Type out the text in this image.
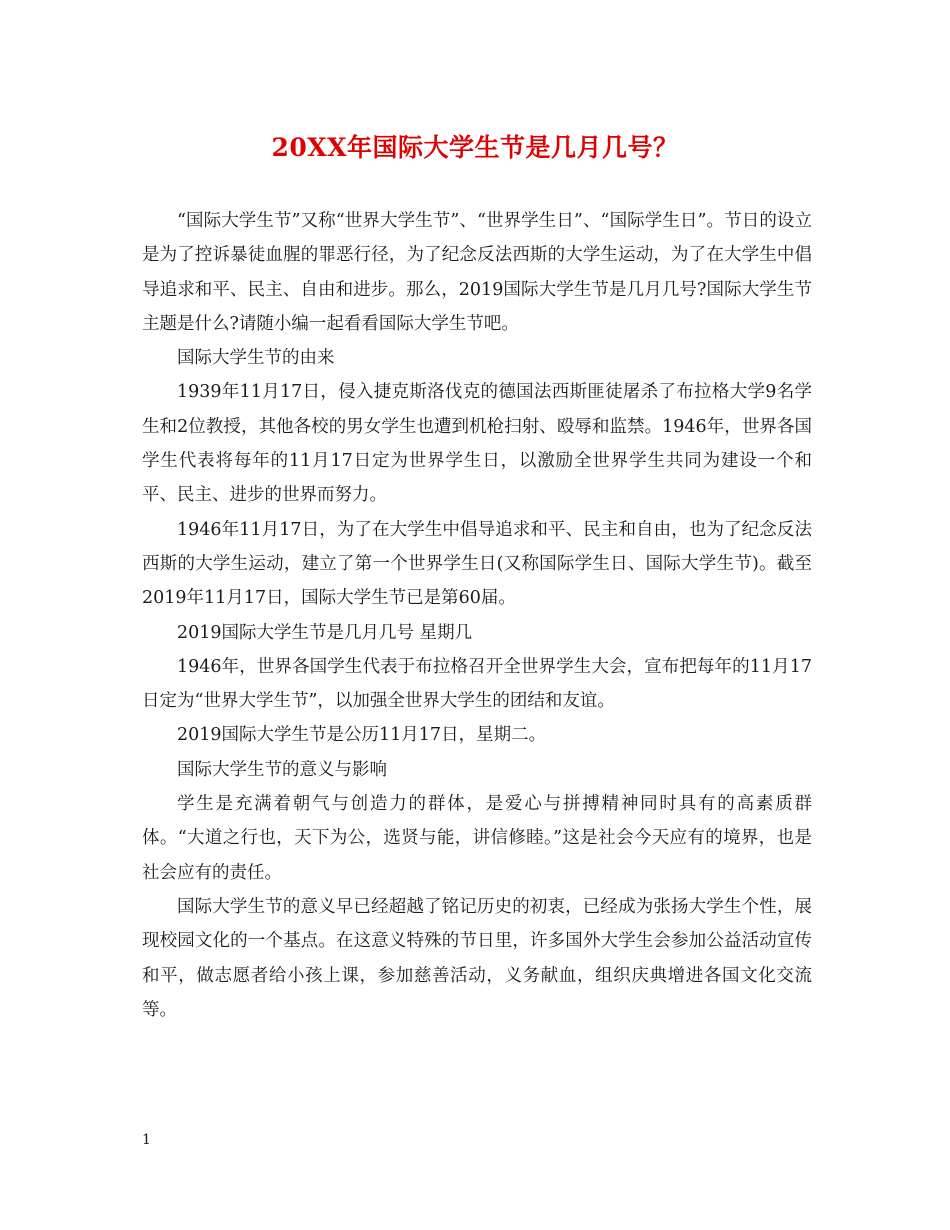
20XX年国际大学生节是几月几号？

“国际大学生节”又称“世界大学生节”、“世界学生日”、“国际学生日”。节日的设立是为了控诉暴徒血腥的罪恶行径，为了纪念反法西斯的大学生运动，为了在大学生中倡导追求和平、民主、自由和进步。那么，2019国际大学生节是几月几号?国际大学生节主题是什么?请随小编一起看看国际大学生节吧。

国际大学生节的由来

1939年11月17日，侵入捷克斯洛伐克的德国法西斯匪徒屠杀了布拉格大学9名学生和2位教授，其他各校的男女学生也遭到机枪扫射、殴辱和监禁。1946年，世界各国学生代表将每年的11月17日定为世界学生日，以激励全世界学生共同为建设一个和平、民主、进步的世界而努力。

1946年11月17日，为了在大学生中倡导追求和平、民主和自由，也为了纪念反法西斯的大学生运动，建立了第一个世界学生日(又称国际学生日、国际大学生节)。截至2019年11月17日，国际大学生节已是第60届。

2019国际大学生节是几月几号 星期几

1946年，世界各国学生代表于布拉格召开全世界学生大会，宣布把每年的11月17日定为“世界大学生节”，以加强全世界大学生的团结和友谊。

2019国际大学生节是公历11月17日，星期二。

国际大学生节的意义与影响

学生是充满着朝气与创造力的群体，是爱心与拼搏精神同时具有的高素质群体。“大道之行也，天下为公，选贤与能，讲信修睦。”这是社会今天应有的境界，也是社会应有的责任。

国际大学生节的意义早已经超越了铭记历史的初衷，已经成为张扬大学生个性，展现校园文化的一个基点。在这意义特殊的节日里，许多国外大学生会参加公益活动宣传和平，做志愿者给小孩上课，参加慈善活动，义务献血，组织庆典增进各国文化交流等。

1
